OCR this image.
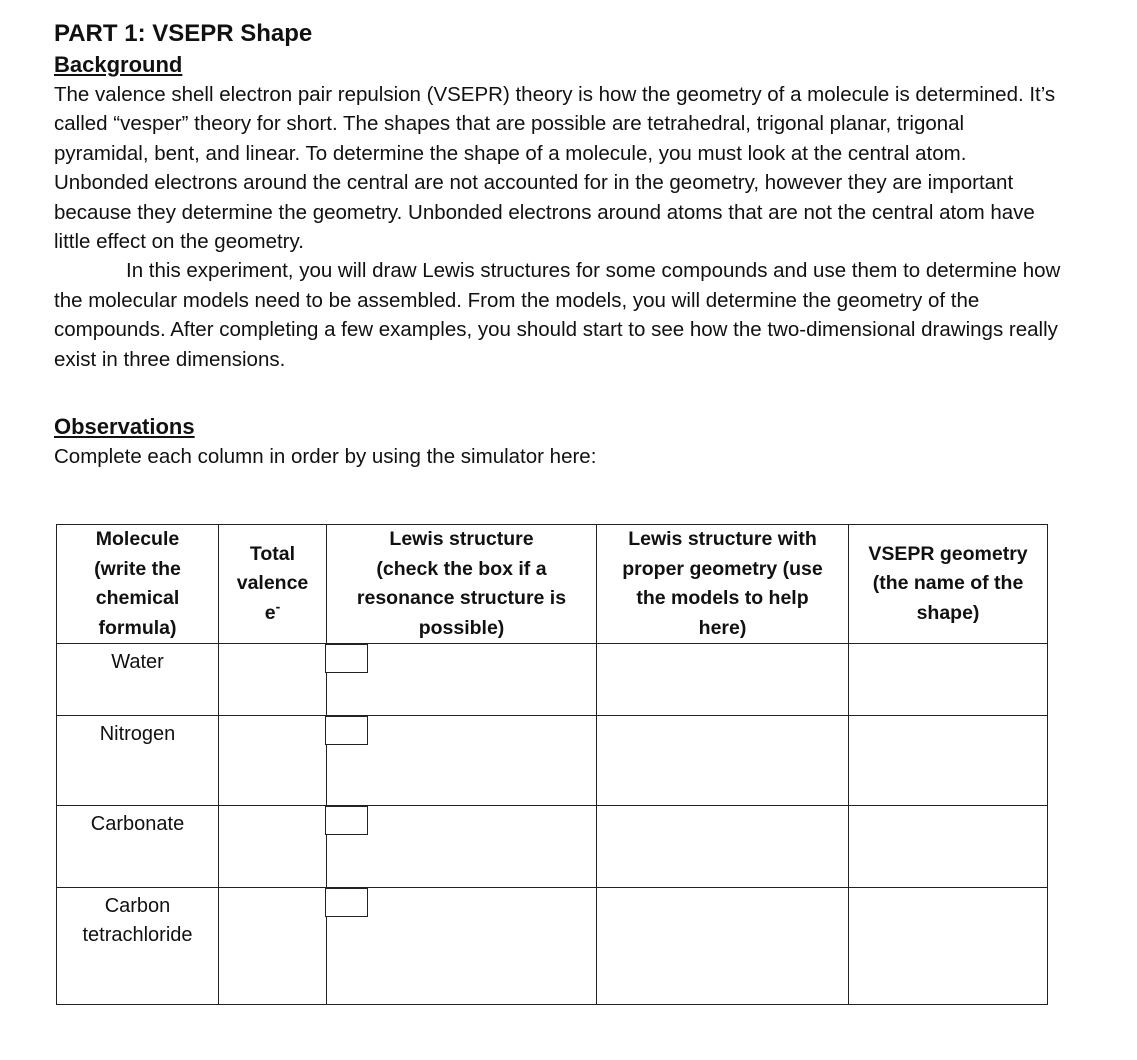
PART 1: VSEPR Shape

Background

The valence shell electron pair repulsion (VSEPR) theory is how the geometry of a molecule is determined. It’s called “vesper” theory for short. The shapes that are possible are tetrahedral, trigonal planar, trigonal pyramidal, bent, and linear. To determine the shape of a molecule, you must look at the central atom. Unbonded electrons around the central are not accounted for in the geometry, however they are important because they determine the geometry. Unbonded electrons around atoms that are not the central atom have little effect on the geometry.

In this experiment, you will draw Lewis structures for some compounds and use them to determine how the molecular models need to be assembled. From the models, you will determine the geometry of the compounds. After completing a few examples, you should start to see how the two-dimensional drawings really exist in three dimensions.

Observations

Complete each column in order by using the simulator here:

Molecule
(write the
chemical
formula)	Total
valence
e-	Lewis structure
(check the box if a
resonance structure is
possible)	Lewis structure with
proper geometry (use
the models to help
here)	VSEPR geometry
(the name of the
shape)

Water				

Nitrogen				

Carbonate				

Carbon
tetrachloride				
